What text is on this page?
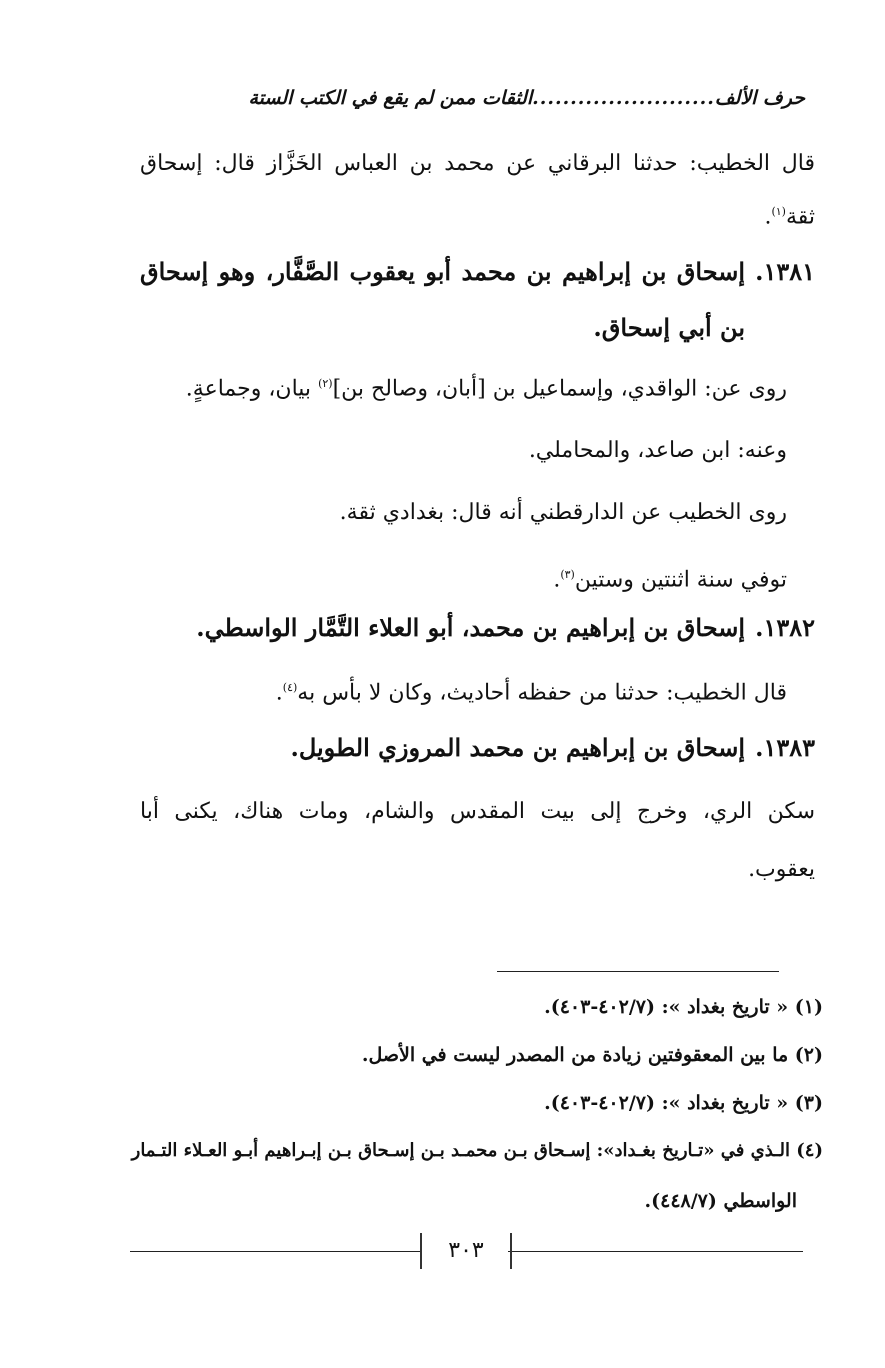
حرف الألف
........................
الثقات ممن لم يقع في الكتب الستة
قال الخطيب: حدثنا البرقاني عن محمد بن العباس الخَزَّاز قال: إسحاق
ثقة$^{(١)}$.
١٣٨١.إسحاق بن إبراهيم بن محمد أبو يعقوب الصَّفَّار، وهو إسحاق
بن أبي إسحاق.
روى عن: الواقدي، وإسماعيل بن [أبان، وصالح بن]$^{(٢)}$ بيان، وجماعةٍ.
وعنه: ابن صاعد، والمحاملي.
روى الخطيب عن الدارقطني أنه قال: بغدادي ثقة.
توفي سنة اثنتين وستين$^{(٣)}$.
١٣٨٢.إسحاق بن إبراهيم بن محمد، أبو العلاء التَّمَّار الواسطي.
قال الخطيب: حدثنا من حفظه أحاديث، وكان لا بأس به$^{(٤)}$.
١٣٨٣.إسحاق بن إبراهيم بن محمد المروزي الطويل.
سكن الري، وخرج إلى بيت المقدس والشام، ومات هناك، يكنى أبا
يعقوب.
(١) « تاريخ بغداد »: (٤٠٢/٧-٤٠٣).
(٢) ما بين المعقوفتين زيادة من المصدر ليست في الأصل.
(٣) « تاريخ بغداد »: (٤٠٢/٧-٤٠٣).
(٤) الـذي في «تـاريخ بغـداد»: إسـحاق بـن محمـد بـن إسـحاق بـن إبـراهيم أبـو العـلاء التـمار
الواسطي (٤٤٨/٧).
٣٠٣
